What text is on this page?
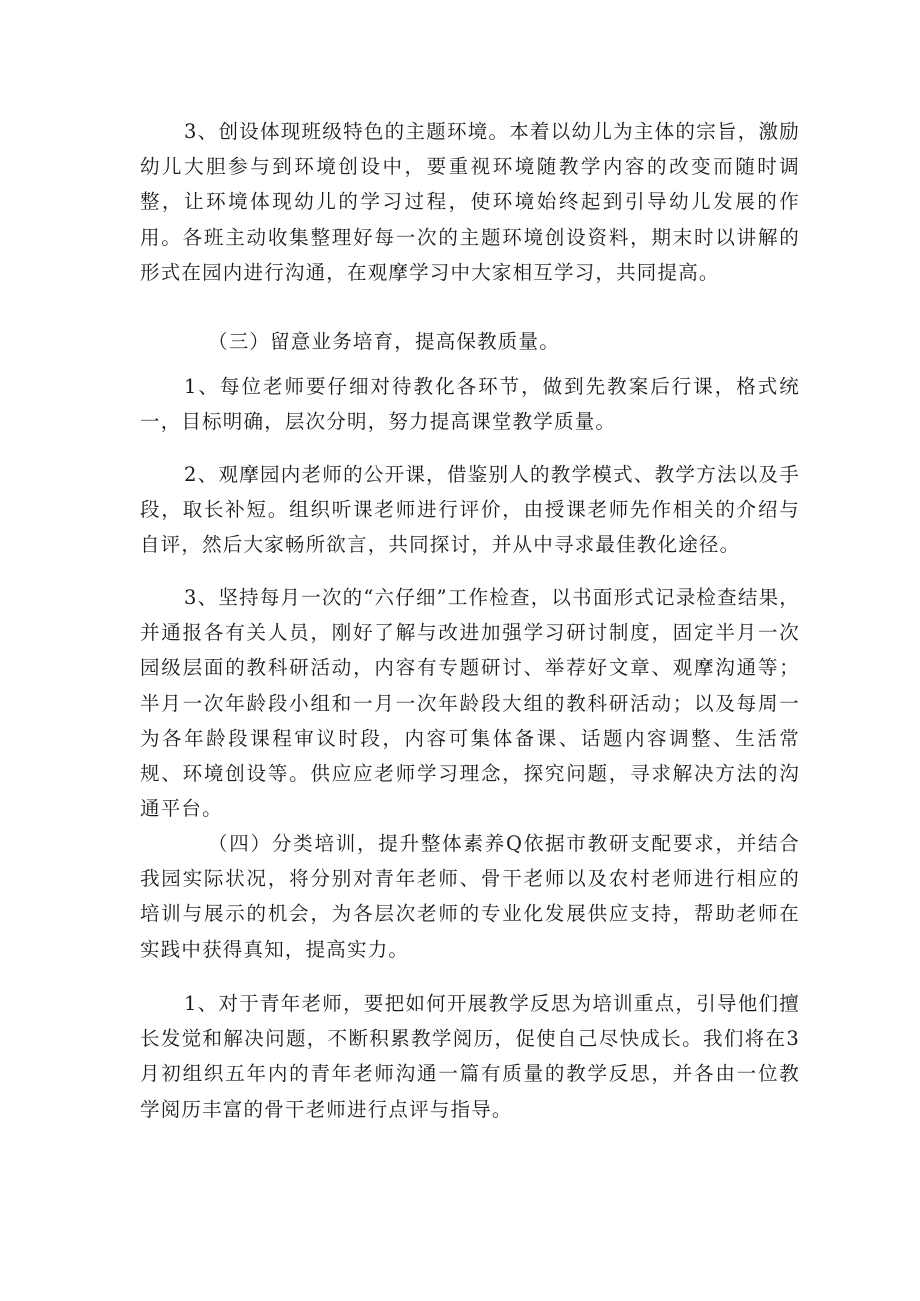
3、创设体现班级特色的主题环境。本着以幼儿为主体的宗旨，激励幼儿大胆参与到环境创设中，要重视环境随教学内容的改变而随时调整，让环境体现幼儿的学习过程，使环境始终起到引导幼儿发展的作用。各班主动收集整理好每一次的主题环境创设资料，期末时以讲解的形式在园内进行沟通，在观摩学习中大家相互学习，共同提高。

（三）留意业务培育，提高保教质量。

1、每位老师要仔细对待教化各环节，做到先教案后行课，格式统一，目标明确，层次分明，努力提高课堂教学质量。

2、观摩园内老师的公开课，借鉴别人的教学模式、教学方法以及手段，取长补短。组织听课老师进行评价，由授课老师先作相关的介绍与自评，然后大家畅所欲言，共同探讨，并从中寻求最佳教化途径。

3、坚持每月一次的“六仔细”工作检查，以书面形式记录检查结果，并通报各有关人员，刚好了解与改进加强学习研讨制度，固定半月一次园级层面的教科研活动，内容有专题研讨、举荐好文章、观摩沟通等；半月一次年龄段小组和一月一次年龄段大组的教科研活动；以及每周一为各年龄段课程审议时段，内容可集体备课、话题内容调整、生活常规、环境创设等。供应应老师学习理念，探究问题，寻求解决方法的沟通平台。

（四）分类培训，提升整体素养Q依据市教研支配要求，并结合我园实际状况，将分别对青年老师、骨干老师以及农村老师进行相应的培训与展示的机会，为各层次老师的专业化发展供应支持，帮助老师在实践中获得真知，提高实力。

1、对于青年老师，要把如何开展教学反思为培训重点，引导他们擅长发觉和解决问题，不断积累教学阅历，促使自己尽快成长。我们将在3月初组织五年内的青年老师沟通一篇有质量的教学反思，并各由一位教学阅历丰富的骨干老师进行点评与指导。
